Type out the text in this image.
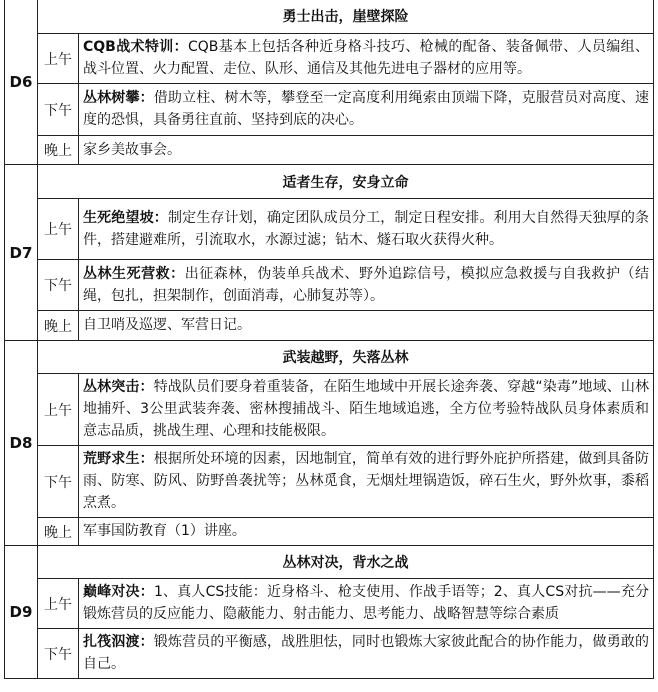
D6	勇士出击，崖壁探险	
	上午	CQB战术特训：CQB基本上包括各种近身格斗技巧、枪械的配备、装备佩带、人员编组、战斗位置、火力配置、走位、队形、通信及其他先进电子器材的应用等。
	下午	丛林树攀：借助立柱、树木等，攀登至一定高度利用绳索由顶端下降，克服营员对高度、速度的恐惧，具备勇往直前、坚持到底的决心。
	晚上	家乡美故事会。
D7	适者生存，安身立命	
	上午	生死绝望坡：制定生存计划，确定团队成员分工，制定日程安排。利用大自然得天独厚的条件，搭建避难所，引流取水，水源过滤；钻木、燧石取火获得火种。
	下午	丛林生死营救：出征森林，伪装单兵战术、野外追踪信号，模拟应急救援与自我救护（结绳，包扎，担架制作，创面消毒，心肺复苏等）。
	晚上	自卫哨及巡逻、军营日记。
D8	武装越野，失落丛林	
	上午	丛林突击：特战队员们要身着重装备，在陌生地域中开展长途奔袭、穿越“染毒”地域、山林地捕歼、3公里武装奔袭、密林搜捕战斗、陌生地域追逃，全方位考验特战队员身体素质和意志品质，挑战生理、心理和技能极限。
	下午	荒野求生：根据所处环境的因素，因地制宜，简单有效的进行野外庇护所搭建，做到具备防雨、防寒、防风、防野兽袭扰等；丛林觅食，无烟灶埋锅造饭，碎石生火，野外炊事，黍稻烹煮。
	晚上	军事国防教育（1）讲座。
D9	丛林对决，背水之战	
	上午	巅峰对决：1、真人CS技能：近身格斗、枪支使用、作战手语等；2、真人CS对抗——充分锻炼营员的反应能力、隐蔽能力、射击能力、思考能力、战略智慧等综合素质
	下午	扎筏泅渡：锻炼营员的平衡感，战胜胆怯，同时也锻炼大家彼此配合的协作能力，做勇敢的自己。
